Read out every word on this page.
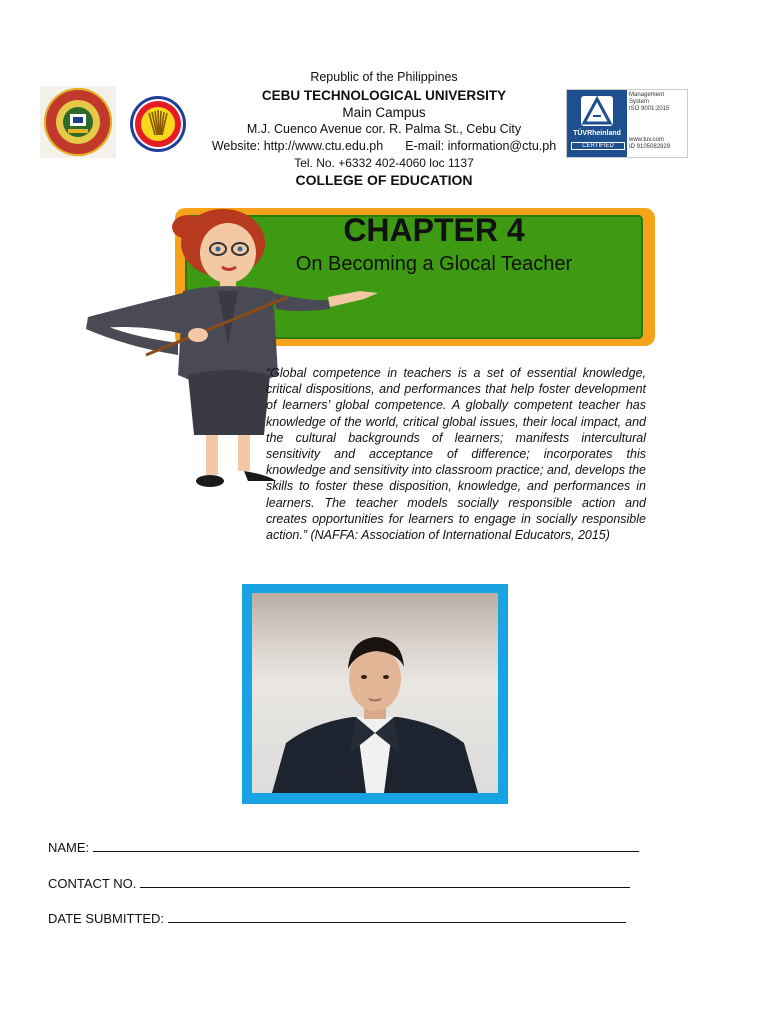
TÜVRheinland
CERTIFIED
Management
System
ISO 9001:2015
www.tuv.com
ID 9105082829
Republic of the Philippines
CEBU TECHNOLOGICAL UNIVERSITY
Main Campus
M.J. Cuenco Avenue cor. R. Palma St., Cebu City
Website: http://www.ctu.edu.ph E-mail: information@ctu.ph
Tel. No. +6332 402-4060 loc 1137
COLLEGE OF EDUCATION
CHAPTER 4
On Becoming a Glocal Teacher
“Global competence in teachers is a set of essential knowledge, critical dispositions, and performances that help foster development of learners’ global competence. A globally competent teacher has knowledge of the world, critical global issues, their local impact, and the cultural backgrounds of learners; manifests intercultural sensitivity and acceptance of difference; incorporates this knowledge and sensitivity into classroom practice; and, develops the skills to foster these disposition, knowledge, and performances in learners. The teacher models socially responsible action and creates opportunities for learners to engage in socially responsible action.” (NAFFA: Association of International Educators, 2015)
NAME:
CONTACT NO.
DATE SUBMITTED:
